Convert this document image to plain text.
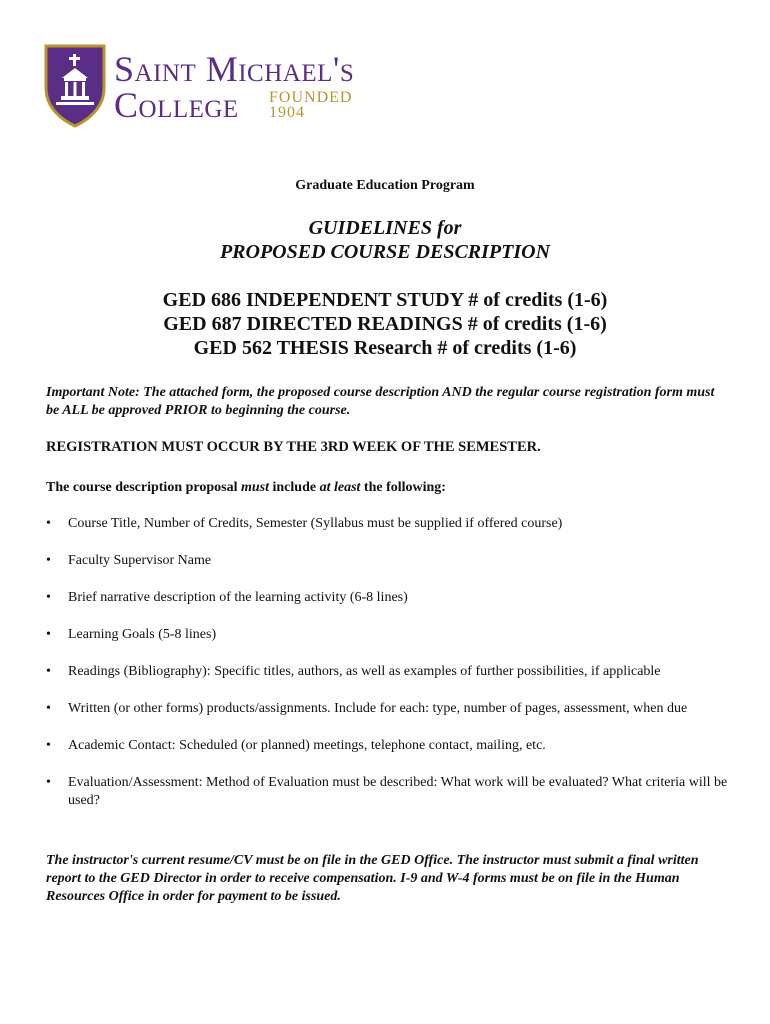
Saint Michael's
College FOUNDED
1904
Graduate Education Program
GUIDELINES for
PROPOSED COURSE DESCRIPTION
GED 686 INDEPENDENT STUDY # of credits (1-6)
GED 687 DIRECTED READINGS # of credits (1-6)
GED 562 THESIS Research # of credits (1-6)
Important Note: The attached form, the proposed course description AND the regular course registration form must be ALL be approved PRIOR to beginning the course.
REGISTRATION MUST OCCUR BY THE 3RD WEEK OF THE SEMESTER.
The course description proposal must include at least the following:
• Course Title, Number of Credits, Semester (Syllabus must be supplied if offered course)
• Faculty Supervisor Name
• Brief narrative description of the learning activity (6-8 lines)
• Learning Goals (5-8 lines)
• Readings (Bibliography): Specific titles, authors, as well as examples of further possibilities, if applicable
• Written (or other forms) products/assignments. Include for each: type, number of pages, assessment, when due
• Academic Contact: Scheduled (or planned) meetings, telephone contact, mailing, etc.
• Evaluation/Assessment: Method of Evaluation must be described: What work will be evaluated? What criteria will be used?
The instructor's current resume/CV must be on file in the GED Office. The instructor must submit a final written report to the GED Director in order to receive compensation. I-9 and W-4 forms must be on file in the Human Resources Office in order for payment to be issued.
